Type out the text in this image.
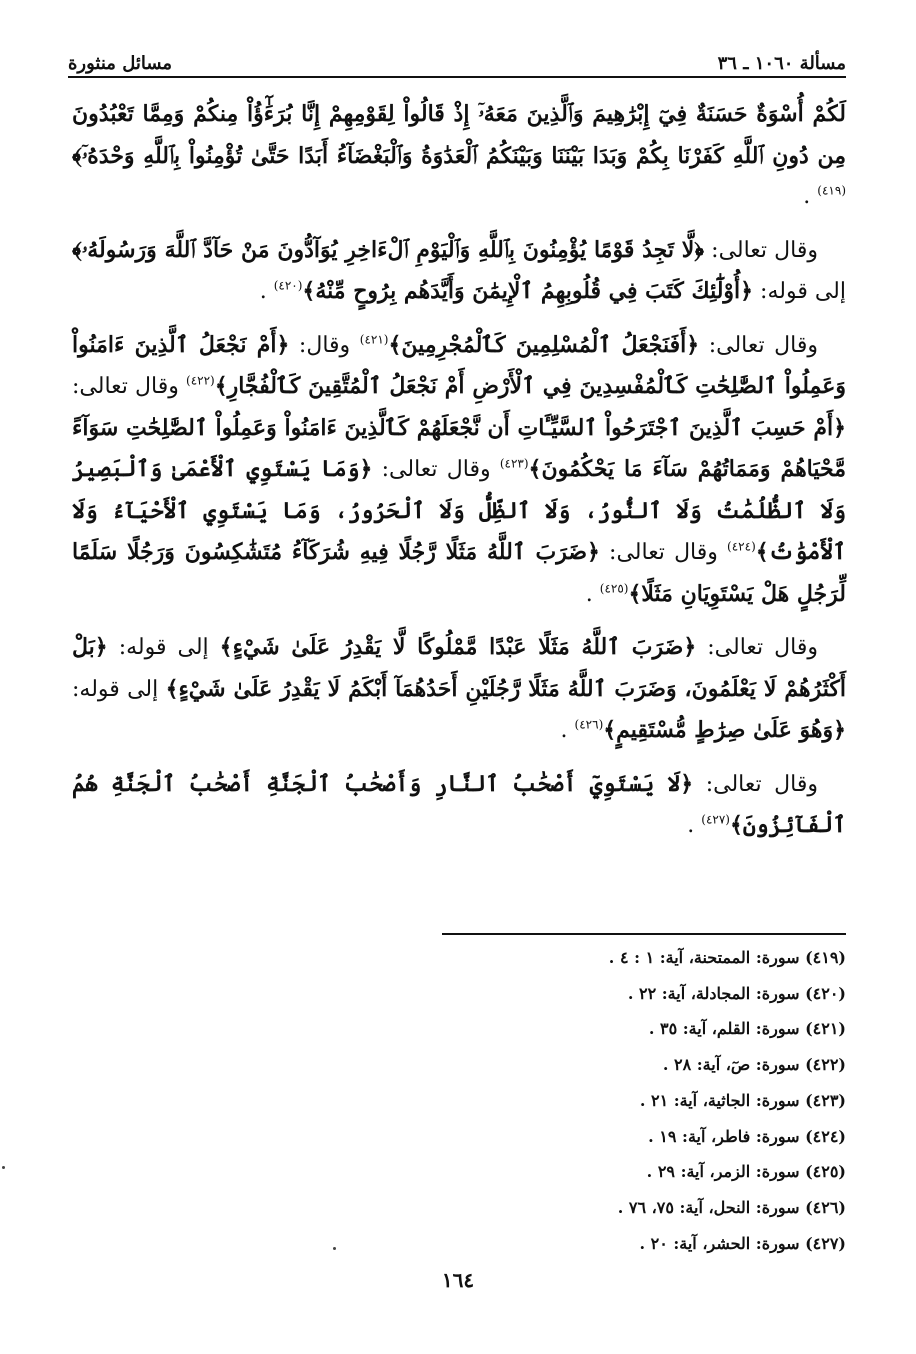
مسألة ١٠٦٠ ـ ٣٦
مسائل منثورة

لَكُمْ أُسْوَةٌ حَسَنَةٌ فِيٓ إِبْرَٰهِيمَ وَٱلَّذِينَ مَعَهُۥٓ إِذْ قَالُواْ لِقَوْمِهِمْ إِنَّا بُرَءَٰٓؤُاْ مِنكُمْ وَمِمَّا تَعْبُدُونَ مِن دُونِ ٱللَّهِ كَفَرْنَا بِكُمْ وَبَدَا بَيْنَنَا وَبَيْنَكُمُ ٱلْعَدَٰوَةُ وَٱلْبَغْضَآءُ أَبَدًا حَتَّىٰ تُؤْمِنُواْ بِٱللَّهِ وَحْدَهُۥٓ﴾$^{(٤١٩)}$ .

وقال تعالى: ﴿لَّا تَجِدُ قَوْمًا يُؤْمِنُونَ بِٱللَّهِ وَٱلْيَوْمِ ٱلْءَاخِرِ يُوَآدُّونَ مَنْ حَآدَّ ٱللَّهَ وَرَسُولَهُۥ﴾ إلى قوله: ﴿أُوْلَٰٓئِكَ كَتَبَ فِي قُلُوبِهِمُ ٱلْإِيمَٰنَ وَأَيَّدَهُم بِرُوحٍ مِّنْهُ﴾$^{(٤٢٠)}$ .

وقال تعالى: ﴿أَفَنَجْعَلُ ٱلْمُسْلِمِينَ كَٱلْمُجْرِمِينَ﴾$^{(٤٢١)}$ وقال: ﴿أَمْ نَجْعَلُ ٱلَّذِينَ ءَامَنُواْ وَعَمِلُواْ ٱلصَّٰلِحَٰتِ كَٱلْمُفْسِدِينَ فِي ٱلْأَرْضِ أَمْ نَجْعَلُ ٱلْمُتَّقِينَ كَٱلْفُجَّارِ﴾$^{(٤٢٢)}$ وقال تعالى: ﴿أَمْ حَسِبَ ٱلَّذِينَ ٱجْتَرَحُواْ ٱلسَّيِّـَٔاتِ أَن نَّجْعَلَهُمْ كَٱلَّذِينَ ءَامَنُواْ وَعَمِلُواْ ٱلصَّٰلِحَٰتِ سَوَآءً مَّحْيَاهُمْ وَمَمَاتُهُمْ سَآءَ مَا يَحْكُمُونَ﴾$^{(٤٢٣)}$ وقال تعالى: ﴿وَمَا يَسْتَوِي ٱلْأَعْمَىٰ وَٱلْبَصِيرُ وَلَا ٱلظُّلُمَٰتُ وَلَا ٱلنُّورُ، وَلَا ٱلظِّلُّ وَلَا ٱلْحَرُورُ، وَمَا يَسْتَوِي ٱلْأَحْيَآءُ وَلَا ٱلْأَمْوَٰتُ﴾$^{(٤٢٤)}$ وقال تعالى: ﴿ضَرَبَ ٱللَّهُ مَثَلًا رَّجُلًا فِيهِ شُرَكَآءُ مُتَشَٰكِسُونَ وَرَجُلًا سَلَمًا لِّرَجُلٍ هَلْ يَسْتَوِيَانِ مَثَلًا﴾$^{(٤٢٥)}$ .

وقال تعالى: ﴿ضَرَبَ ٱللَّهُ مَثَلًا عَبْدًا مَّمْلُوكًا لَّا يَقْدِرُ عَلَىٰ شَيْءٍ﴾ إلى قوله: ﴿بَلْ أَكْثَرُهُمْ لَا يَعْلَمُونَ، وَضَرَبَ ٱللَّهُ مَثَلًا رَّجُلَيْنِ أَحَدُهُمَآ أَبْكَمُ لَا يَقْدِرُ عَلَىٰ شَيْءٍ﴾ إلى قوله: ﴿وَهُوَ عَلَىٰ صِرَٰطٍ مُّسْتَقِيمٍ﴾$^{(٤٢٦)}$ .

وقال تعالى: ﴿لَا يَسْتَوِيٓ أَصْحَٰبُ ٱلنَّارِ وَأَصْحَٰبُ ٱلْجَنَّةِ أَصْحَٰبُ ٱلْجَنَّةِ هُمُ ٱلْفَآئِزُونَ﴾$^{(٤٢٧)}$ .

(٤١٩) سورة: الممتحنة، آية: ١ : ٤ .
(٤٢٠) سورة: المجادلة، آية: ٢٢ .
(٤٢١) سورة: القلم، آية: ٣٥ .
(٤٢٢) سورة: صٓ، آية: ٢٨ .
(٤٢٣) سورة: الجاثية، آية: ٢١ .
(٤٢٤) سورة: فاطر، آية: ١٩ .
(٤٢٥) سورة: الزمر، آية: ٢٩ .
(٤٢٦) سورة: النحل، آية: ٧٥، ٧٦ .
(٤٢٧) سورة: الحشر، آية: ٢٠ .
١٦٤
